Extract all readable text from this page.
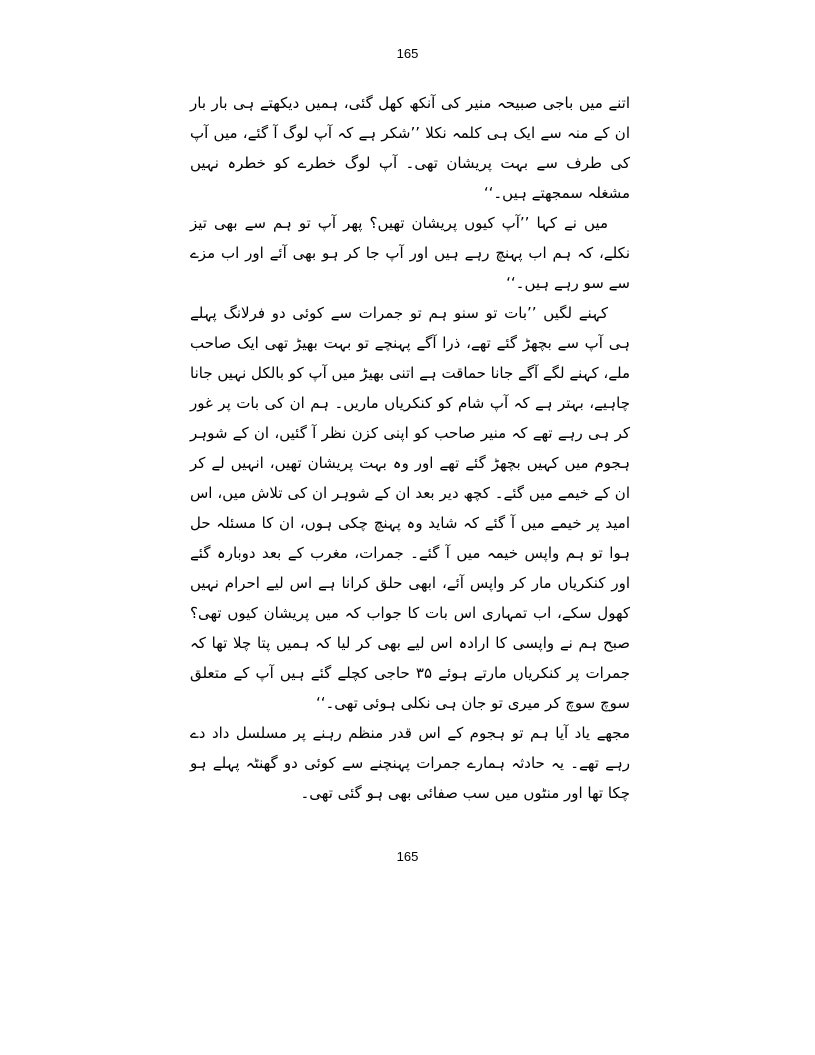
165

اتنے میں باجی صبیحہ منیر کی آنکھ کھل گئی، ہمیں دیکھتے ہی بار بار ان کے منہ سے ایک ہی کلمہ نکلا ’’شکر ہے کہ آپ لوگ آ گئے، میں آپ کی طرف سے بہت پریشان تھی۔ آپ لوگ خطرے کو خطرہ نہیں مشغلہ سمجھتے ہیں۔‘‘

میں نے کہا ’’آپ کیوں پریشان تھیں؟ پھر آپ تو ہم سے بھی تیز نکلے، کہ ہم اب پہنچ رہے ہیں اور آپ جا کر ہو بھی آئے اور اب مزے سے سو رہے ہیں۔‘‘

کہنے لگیں ’’بات تو سنو ہم تو جمرات سے کوئی دو فرلانگ پہلے ہی آپ سے بچھڑ گئے تھے، ذرا آگے پہنچے تو بہت بھیڑ تھی ایک صاحب ملے، کہنے لگے آگے جانا حماقت ہے اتنی بھیڑ میں آپ کو بالکل نہیں جانا چاہیے، بہتر ہے کہ آپ شام کو کنکریاں ماریں۔ ہم ان کی بات پر غور کر ہی رہے تھے کہ منیر صاحب کو اپنی کزن نظر آ گئیں، ان کے شوہر ہجوم میں کہیں بچھڑ گئے تھے اور وہ بہت پریشان تھیں، انہیں لے کر ان کے خیمے میں گئے۔ کچھ دیر بعد ان کے شوہر ان کی تلاش میں، اس امید پر خیمے میں آ گئے کہ شاید وہ پہنچ چکی ہوں، ان کا مسئلہ حل ہوا تو ہم واپس خیمہ میں آ گئے۔ جمرات، مغرب کے بعد دوبارہ گئے اور کنکریاں مار کر واپس آئے، ابھی حلق کرانا ہے اس لیے احرام نہیں کھول سکے، اب تمہاری اس بات کا جواب کہ میں پریشان کیوں تھی؟ صبح ہم نے واپسی کا ارادہ اس لیے بھی کر لیا کہ ہمیں پتا چلا تھا کہ جمرات پر کنکریاں مارتے ہوئے ۳۵ حاجی کچلے گئے ہیں آپ کے متعلق سوچ سوچ کر میری تو جان ہی نکلی ہوئی تھی۔‘‘

مجھے یاد آیا ہم تو ہجوم کے اس قدر منظم رہنے پر مسلسل داد دے رہے تھے۔ یہ حادثہ ہمارے جمرات پہنچنے سے کوئی دو گھنٹہ پہلے ہو چکا تھا اور منٹوں میں سب صفائی بھی ہو گئی تھی۔

165
